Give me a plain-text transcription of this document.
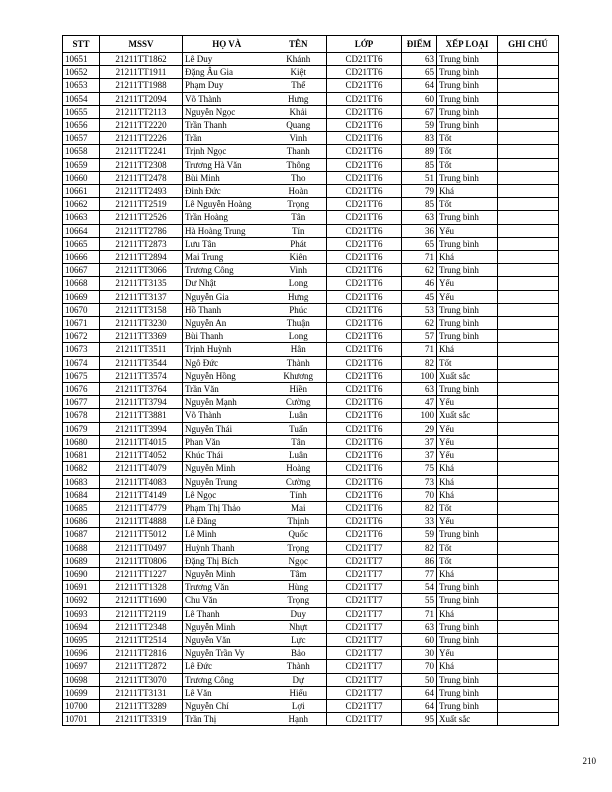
STT	MSSV	HỌ VÀ	TÊN	LỚP	ĐIỂM	XẾP LOẠI	GHI CHÚ
10651	21211TT1862	Lê Duy	Khánh	CD21TT6	63	Trung bình	
10652	21211TT1911	Đặng Âu Gia	Kiệt	CD21TT6	65	Trung bình	
10653	21211TT1988	Phạm Duy	Thể	CD21TT6	64	Trung bình	
10654	21211TT2094	Võ Thành	Hưng	CD21TT6	60	Trung bình	
10655	21211TT2113	Nguyễn Ngọc	Khải	CD21TT6	67	Trung bình	
10656	21211TT2220	Trần Thanh	Quang	CD21TT6	59	Trung bình	
10657	21211TT2226	Trần	Vinh	CD21TT6	83	Tốt	
10658	21211TT2241	Trịnh Ngọc	Thanh	CD21TT6	89	Tốt	
10659	21211TT2308	Trương Hà Văn	Thông	CD21TT6	85	Tốt	
10660	21211TT2478	Bùi Minh	Tho	CD21TT6	51	Trung bình	
10661	21211TT2493	Đinh Đức	Hoàn	CD21TT6	79	Khá	
10662	21211TT2519	Lê Nguyễn Hoàng	Trọng	CD21TT6	85	Tốt	
10663	21211TT2526	Trần Hoàng	Tân	CD21TT6	63	Trung bình	
10664	21211TT2786	Hà Hoàng Trung	Tín	CD21TT6	36	Yếu	
10665	21211TT2873	Lưu Tân	Phát	CD21TT6	65	Trung bình	
10666	21211TT2894	Mai Trung	Kiên	CD21TT6	71	Khá	
10667	21211TT3066	Trương Công	Vinh	CD21TT6	62	Trung bình	
10668	21211TT3135	Dư Nhật	Long	CD21TT6	46	Yếu	
10669	21211TT3137	Nguyễn Gia	Hưng	CD21TT6	45	Yếu	
10670	21211TT3158	Hồ Thanh	Phúc	CD21TT6	53	Trung bình	
10671	21211TT3230	Nguyễn An	Thuận	CD21TT6	62	Trung bình	
10672	21211TT3369	Bùi Thanh	Long	CD21TT6	57	Trung bình	
10673	21211TT3511	Trịnh Huỳnh	Hân	CD21TT6	71	Khá	
10674	21211TT3544	Ngô Đức	Thành	CD21TT6	82	Tốt	
10675	21211TT3574	Nguyễn Hồng	Khương	CD21TT6	100	Xuất sắc	
10676	21211TT3764	Trần Văn	Hiền	CD21TT6	63	Trung bình	
10677	21211TT3794	Nguyễn Mạnh	Cường	CD21TT6	47	Yếu	
10678	21211TT3881	Võ Thành	Luân	CD21TT6	100	Xuất sắc	
10679	21211TT3994	Nguyễn Thái	Tuấn	CD21TT6	29	Yếu	
10680	21211TT4015	Phan Văn	Tân	CD21TT6	37	Yếu	
10681	21211TT4052	Khúc Thái	Luân	CD21TT6	37	Yếu	
10682	21211TT4079	Nguyễn Minh	Hoàng	CD21TT6	75	Khá	
10683	21211TT4083	Nguyễn Trung	Cường	CD21TT6	73	Khá	
10684	21211TT4149	Lê Ngọc	Tính	CD21TT6	70	Khá	
10685	21211TT4779	Phạm Thị Thảo	Mai	CD21TT6	82	Tốt	
10686	21211TT4888	Lê Đăng	Thịnh	CD21TT6	33	Yếu	
10687	21211TT5012	Lê Minh	Quốc	CD21TT6	59	Trung bình	
10688	21211TT0497	Huỳnh Thanh	Trọng	CD21TT7	82	Tốt	
10689	21211TT0806	Đặng Thị Bích	Ngọc	CD21TT7	86	Tốt	
10690	21211TT1227	Nguyễn Minh	Tâm	CD21TT7	77	Khá	
10691	21211TT1328	Trương Văn	Hùng	CD21TT7	54	Trung bình	
10692	21211TT1690	Chu Văn	Trọng	CD21TT7	55	Trung bình	
10693	21211TT2119	Lê Thanh	Duy	CD21TT7	71	Khá	
10694	21211TT2348	Nguyễn Minh	Nhựt	CD21TT7	63	Trung bình	
10695	21211TT2514	Nguyễn Văn	Lực	CD21TT7	60	Trung bình	
10696	21211TT2816	Nguyễn Trần Vy	Bảo	CD21TT7	30	Yếu	
10697	21211TT2872	Lê Đức	Thành	CD21TT7	70	Khá	
10698	21211TT3070	Trương Công	Dự	CD21TT7	50	Trung bình	
10699	21211TT3131	Lê Văn	Hiếu	CD21TT7	64	Trung bình	
10700	21211TT3289	Nguyễn Chí	Lợi	CD21TT7	64	Trung bình	
10701	21211TT3319	Trần Thị	Hạnh	CD21TT7	95	Xuất sắc	
210
